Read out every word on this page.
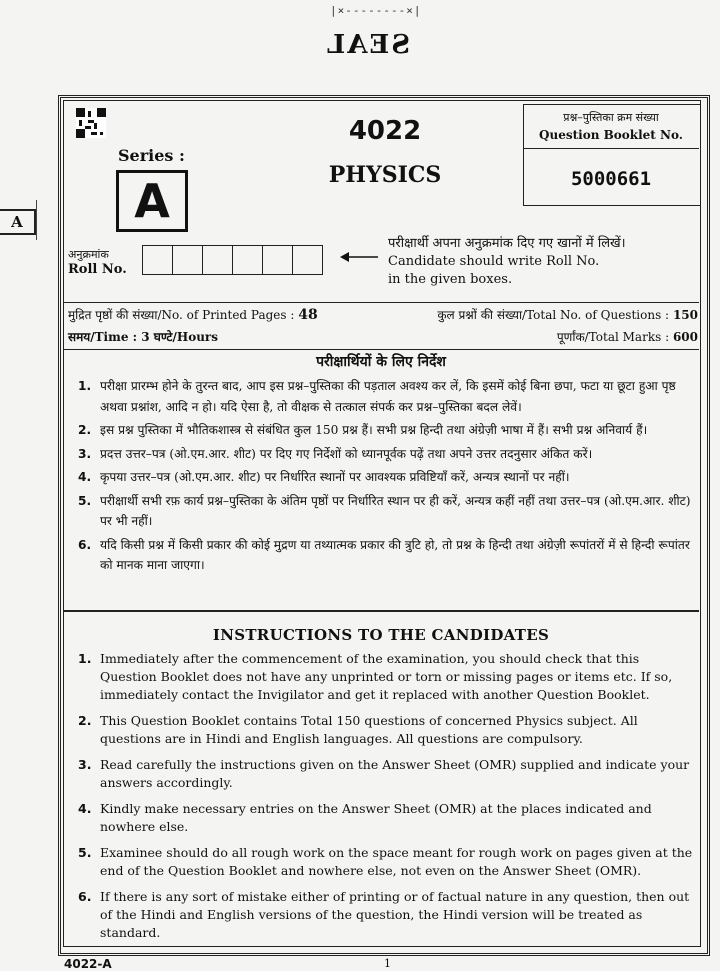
|×--------×|
SEAL
A
Series :
A
4022
PHYSICS
प्रश्न–पुस्तिका क्रम संख्या
Question Booklet No.
5000661
अनुक्रमांक
Roll No.
परीक्षार्थी अपना अनुक्रमांक दिए गए खानों में लिखें।
Candidate should write Roll No.
in the given boxes.
मुद्रित पृष्ठों की संख्या/No. of Printed Pages : 48	कुल प्रश्नों की संख्या/Total No. of Questions : 150
समय/Time : 3 घण्टे/Hours	पूर्णांक/Total Marks : 600
परीक्षार्थियों के लिए निर्देश
1. परीक्षा प्रारम्भ होने के तुरन्त बाद, आप इस प्रश्न–पुस्तिका की पड़ताल अवश्य कर लें, कि इसमें कोई बिना छपा, फटा या छूटा हुआ पृष्ठ अथवा प्रश्नांश, आदि न हो। यदि ऐसा है, तो वीक्षक से तत्काल संपर्क कर प्रश्न–पुस्तिका बदल लेवें।
2. इस प्रश्न पुस्तिका में भौतिकशास्त्र से संबंधित कुल 150 प्रश्न हैं। सभी प्रश्न हिन्दी तथा अंग्रेज़ी भाषा में हैं। सभी प्रश्न अनिवार्य हैं।
3. प्रदत्त उत्तर–पत्र (ओ.एम.आर. शीट) पर दिए गए निर्देशों को ध्यानपूर्वक पढ़ें तथा अपने उत्तर तदनुसार अंकित करें।
4. कृपया उत्तर–पत्र (ओ.एम.आर. शीट) पर निर्धारित स्थानों पर आवश्यक प्रविष्टियाँ करें, अन्यत्र स्थानों पर नहीं।
5. परीक्षार्थी सभी रफ़ कार्य प्रश्न–पुस्तिका के अंतिम पृष्ठों पर निर्धारित स्थान पर ही करें, अन्यत्र कहीं नहीं तथा उत्तर–पत्र (ओ.एम.आर. शीट) पर भी नहीं।
6. यदि किसी प्रश्न में किसी प्रकार की कोई मुद्रण या तथ्यात्मक प्रकार की त्रुटि हो, तो प्रश्न के हिन्दी तथा अंग्रेज़ी रूपांतरों में से हिन्दी रूपांतर को मानक माना जाएगा।
INSTRUCTIONS TO THE CANDIDATES
1. Immediately after the commencement of the examination, you should check that this Question Booklet does not have any unprinted or torn or missing pages or items etc. If so, immediately contact the Invigilator and get it replaced with another Question Booklet.
2. This Question Booklet contains Total 150 questions of concerned Physics subject. All questions are in Hindi and English languages. All questions are compulsory.
3. Read carefully the instructions given on the Answer Sheet (OMR) supplied and indicate your answers accordingly.
4. Kindly make necessary entries on the Answer Sheet (OMR) at the places indicated and nowhere else.
5. Examinee should do all rough work on the space meant for rough work on pages given at the end of the Question Booklet and nowhere else, not even on the Answer Sheet (OMR).
6. If there is any sort of mistake either of printing or of factual nature in any question, then out of the Hindi and English versions of the question, the Hindi version will be treated as standard.
4022-A	1
